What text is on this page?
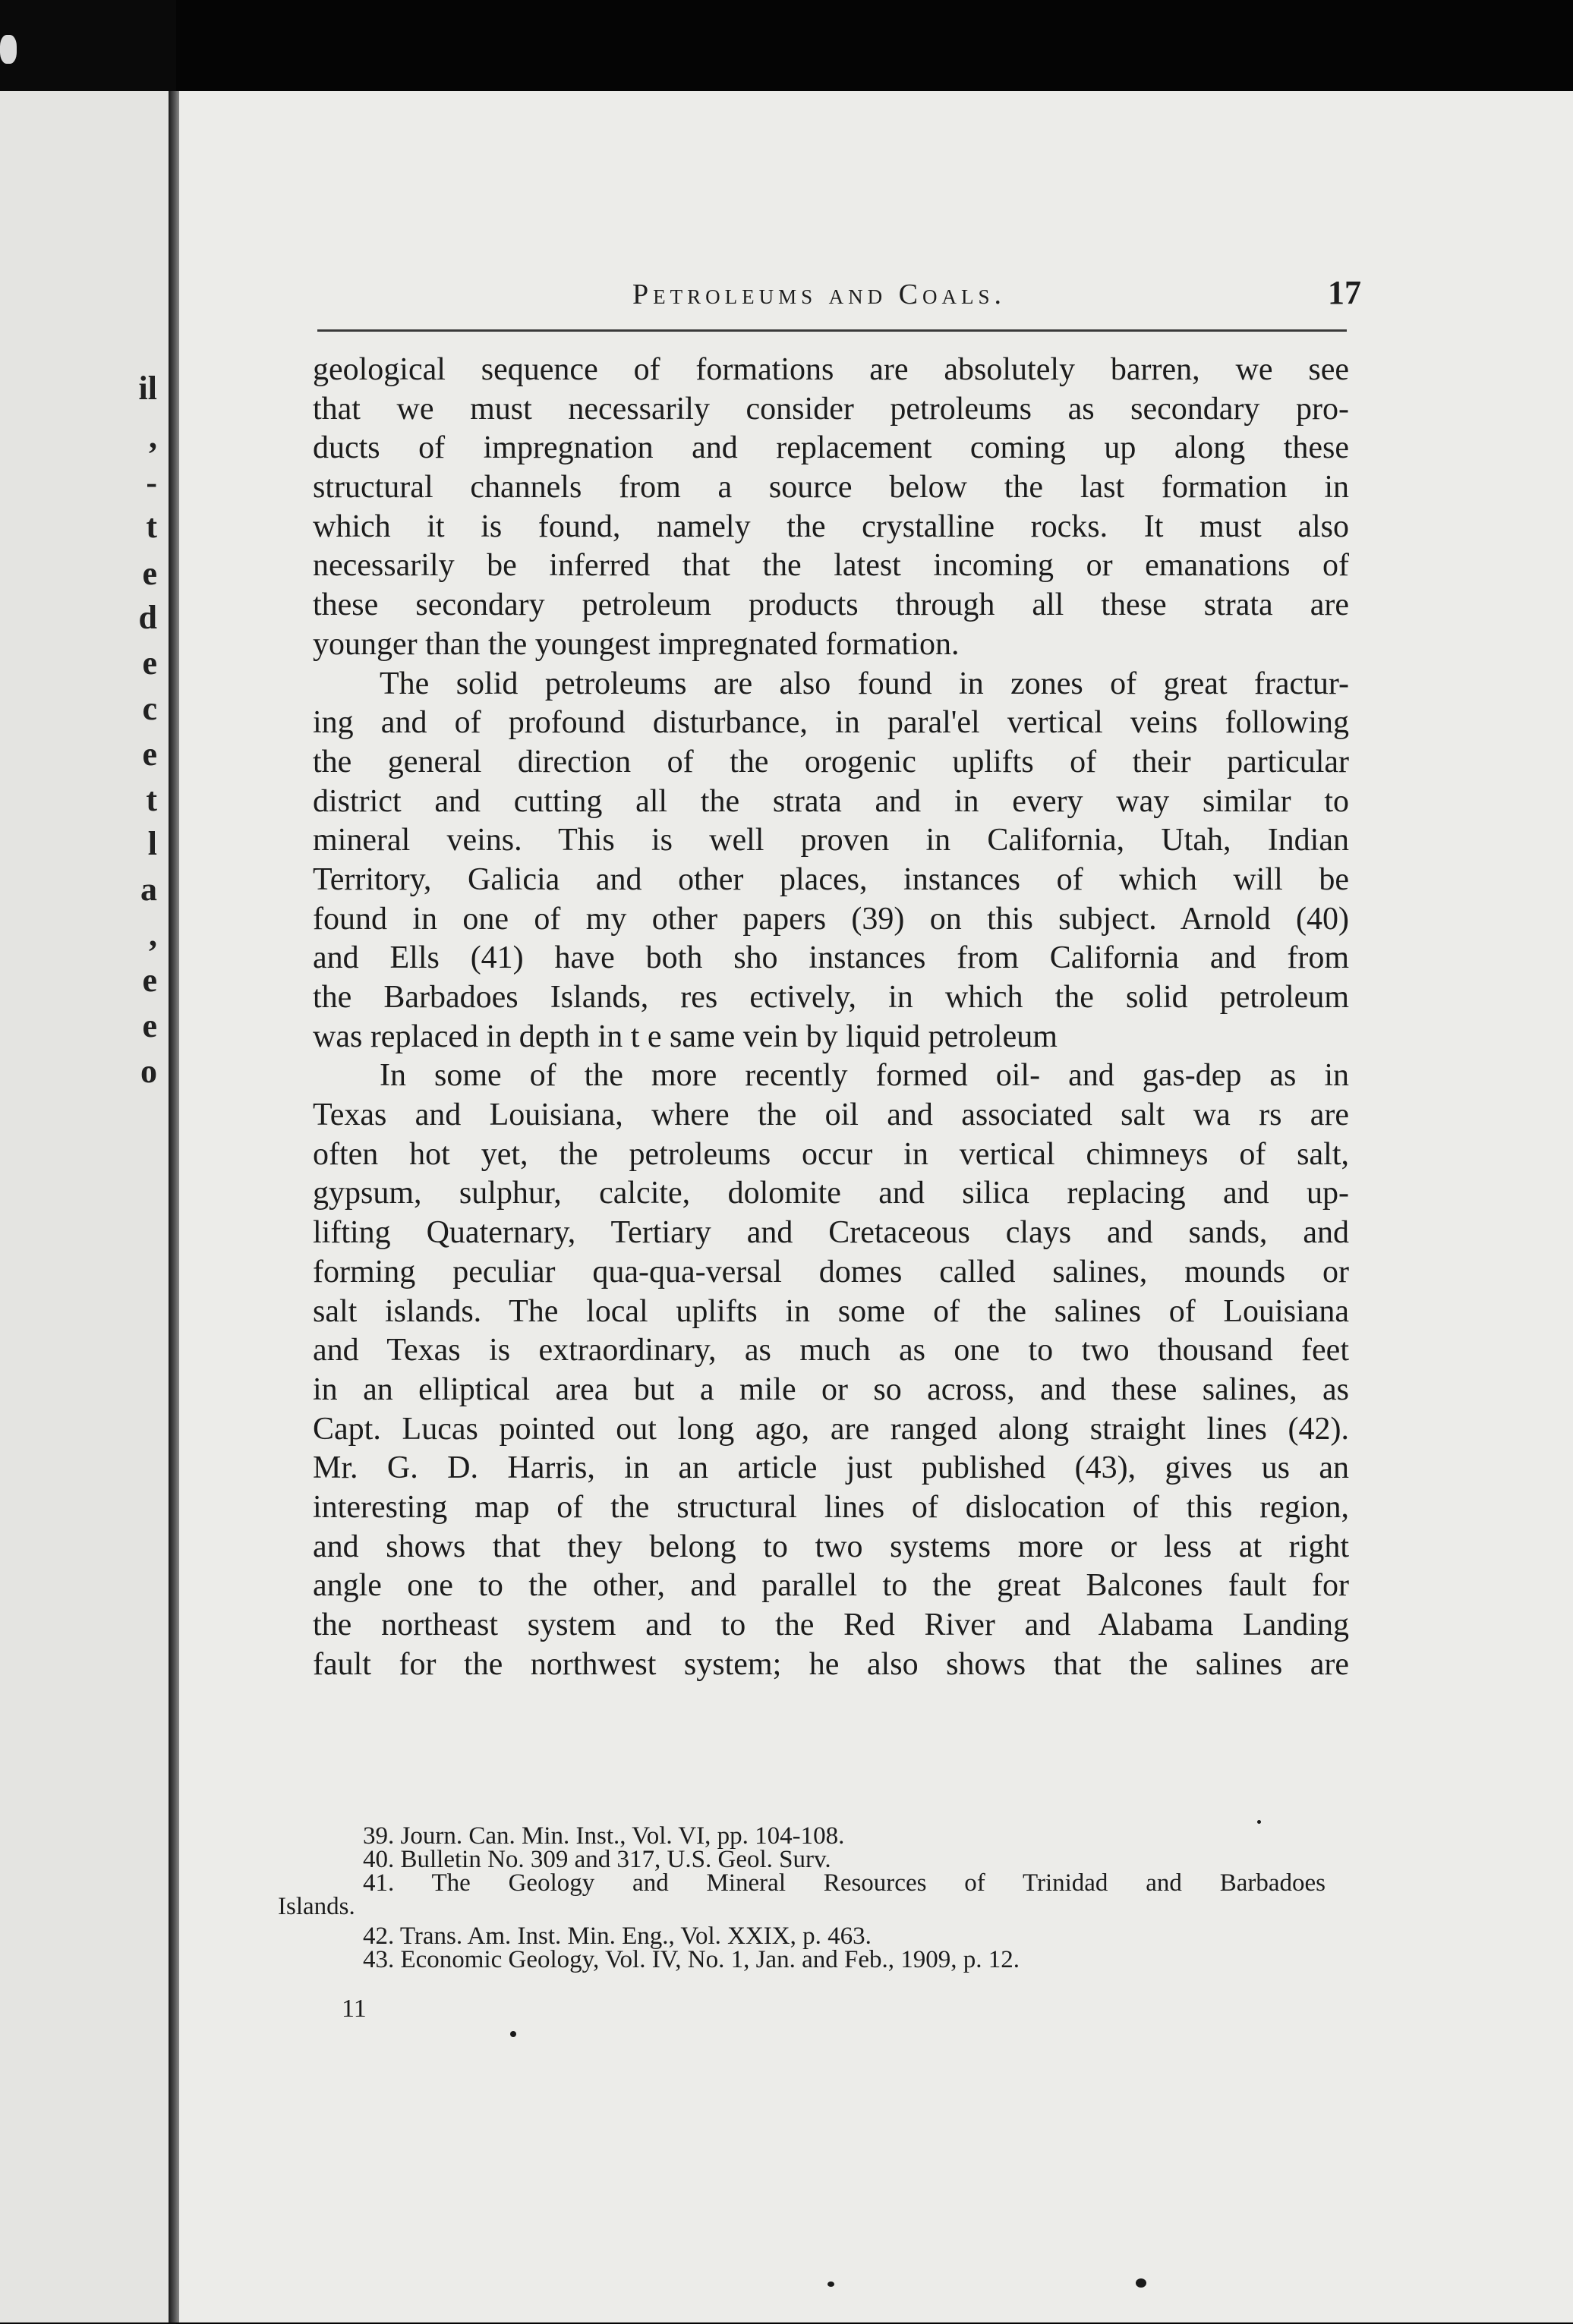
il
,
-
t
e
d
e
c
e
t
l
a
,
e
e
o
Petroleums and Coals.	17
geological sequence of formations are absolutely barren, we see
that we must necessarily consider petroleums as secondary pro-
ducts of impregnation and replacement coming up along these
structural channels from a source below the last formation in
which it is found, namely the crystalline rocks. It must also
necessarily be inferred that the latest incoming or emanations of
these secondary petroleum products through all these strata are
younger than the youngest impregnated formation.
The solid petroleums are also found in zones of great fractur-
ing and of profound disturbance, in paral'el vertical veins following
the general direction of the orogenic uplifts of their particular
district and cutting all the strata and in every way similar to
mineral veins. This is well proven in California, Utah, Indian
Territory, Galicia and other places, instances of which will be
found in one of my other papers (39) on this subject. Arnold (40)
and Ells (41) have both sho instances from California and from
the Barbadoes Islands, res ectively, in which the solid petroleum
was replaced in depth in t e same vein by liquid petroleum
In some of the more recently formed oil- and gas-dep as in
Texas and Louisiana, where the oil and associated salt wa rs are
often hot yet, the petroleums occur in vertical chimneys of salt,
gypsum, sulphur, calcite, dolomite and silica replacing and up-
lifting Quaternary, Tertiary and Cretaceous clays and sands, and
forming peculiar qua-qua-versal domes called salines, mounds or
salt islands. The local uplifts in some of the salines of Louisiana
and Texas is extraordinary, as much as one to two thousand feet
in an elliptical area but a mile or so across, and these salines, as
Capt. Lucas pointed out long ago, are ranged along straight lines (42).
Mr. G. D. Harris, in an article just published (43), gives us an
interesting map of the structural lines of dislocation of this region,
and shows that they belong to two systems more or less at right
angle one to the other, and parallel to the great Balcones fault for
the northeast system and to the Red River and Alabama Landing
fault for the northwest system; he also shows that the salines are
39. Journ. Can. Min. Inst., Vol. VI, pp. 104-108.
40. Bulletin No. 309 and 317, U.S. Geol. Surv.
41. The Geology and Mineral Resources of Trinidad and Barbadoes
Islands.
42. Trans. Am. Inst. Min. Eng., Vol. XXIX, p. 463.
43. Economic Geology, Vol. IV, No. 1, Jan. and Feb., 1909, p. 12.
11
